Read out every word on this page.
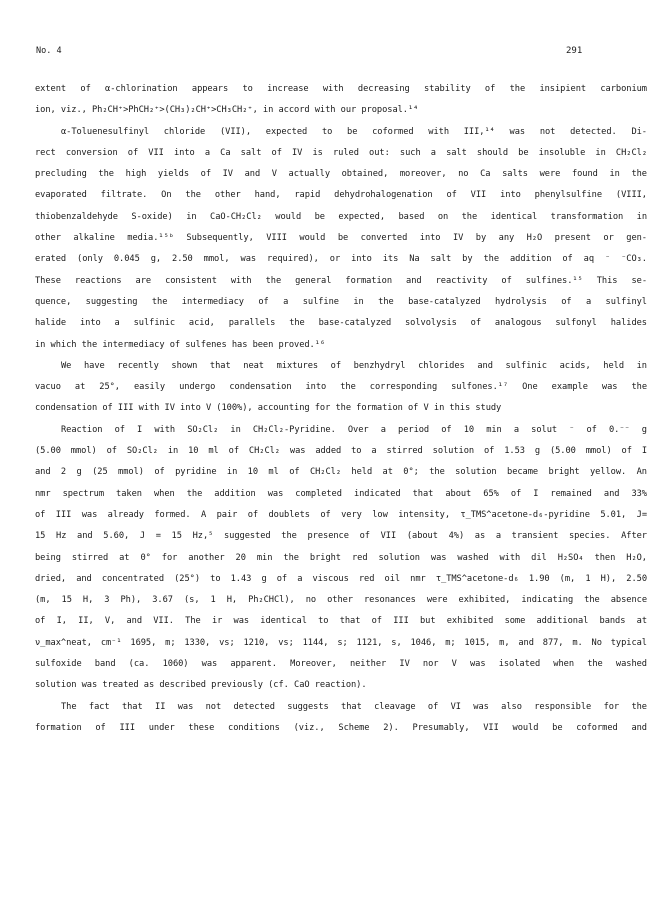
No. 4	291
extent of α-chlorination appears to increase with decreasing stability of the insipient carbonium
ion, viz., Ph₂CH⁺>PhCH₂⁺>(CH₃)₂CH⁺>CH₃CH₂⁺, in accord with our proposal.¹⁴
α-Toluenesulfinyl chloride (VII), expected to be coformed with III,¹⁴ was not detected. Di-
rect conversion of VII into a Ca salt of IV is ruled out: such a salt should be insoluble in CH₂Cl₂
precluding the high yields of IV and V actually obtained, moreover, no Ca salts were found in the
evaporated filtrate. On the other hand, rapid dehydrohalogenation of VII into phenylsulfine (VIII,
thiobenzaldehyde S-oxide) in CaO-CH₂Cl₂ would be expected, based on the identical transformation in
other alkaline media.¹⁵ᵇ Subsequently, VIII would be converted into IV by any H₂O present or gen-
erated (only 0.045 g, 2.50 mmol, was required), or into its Na salt by the addition of aq ⁻ ⁻CO₃.
These reactions are consistent with the general formation and reactivity of sulfines.¹⁵ This se-
quence, suggesting the intermediacy of a sulfine in the base-catalyzed hydrolysis of a sulfinyl
halide into a sulfinic acid, parallels the base-catalyzed solvolysis of analogous sulfonyl halides
in which the intermediacy of sulfenes has been proved.¹⁶
We have recently shown that neat mixtures of benzhydryl chlorides and sulfinic acids, held in
vacuo at 25°, easily undergo condensation into the corresponding sulfones.¹⁷ One example was the
condensation of III with IV into V (100%), accounting for the formation of V in this study
Reaction of I with SO₂Cl₂ in CH₂Cl₂-Pyridine. Over a period of 10 min a solut ⁻ of 0.⁻⁻ g
(5.00 mmol) of SO₂Cl₂ in 10 ml of CH₂Cl₂ was added to a stirred solution of 1.53 g (5.00 mmol) of I
and 2 g (25 mmol) of pyridine in 10 ml of CH₂Cl₂ held at 0°; the solution became bright yellow. An
nmr spectrum taken when the addition was completed indicated that about 65% of I remained and 33%
of III was already formed. A pair of doublets of very low intensity, τ_TMS^acetone-d₆-pyridine 5.01, J=
15 Hz and 5.60, J = 15 Hz,⁵ suggested the presence of VII (about 4%) as a transient species. After
being stirred at 0° for another 20 min the bright red solution was washed with dil H₂SO₄ then H₂O,
dried, and concentrated (25°) to 1.43 g of a viscous red oil nmr τ_TMS^acetone-d₆ 1.90 (m, 1 H), 2.50
(m, 15 H, 3 Ph), 3.67 (s, 1 H, Ph₂CHCl), no other resonances were exhibited, indicating the absence
of I, II, V, and VII. The ir was identical to that of III but exhibited some additional bands at
ν_max^neat, cm⁻¹ 1695, m; 1330, vs; 1210, vs; 1144, s; 1121, s, 1046, m; 1015, m, and 877, m. No typical
sulfoxide band (ca. 1060) was apparent. Moreover, neither IV nor V was isolated when the washed
solution was treated as described previously (cf. CaO reaction).
The fact that II was not detected suggests that cleavage of VI was also responsible for the
formation of III under these conditions (viz., Scheme 2). Presumably, VII would be coformed and
